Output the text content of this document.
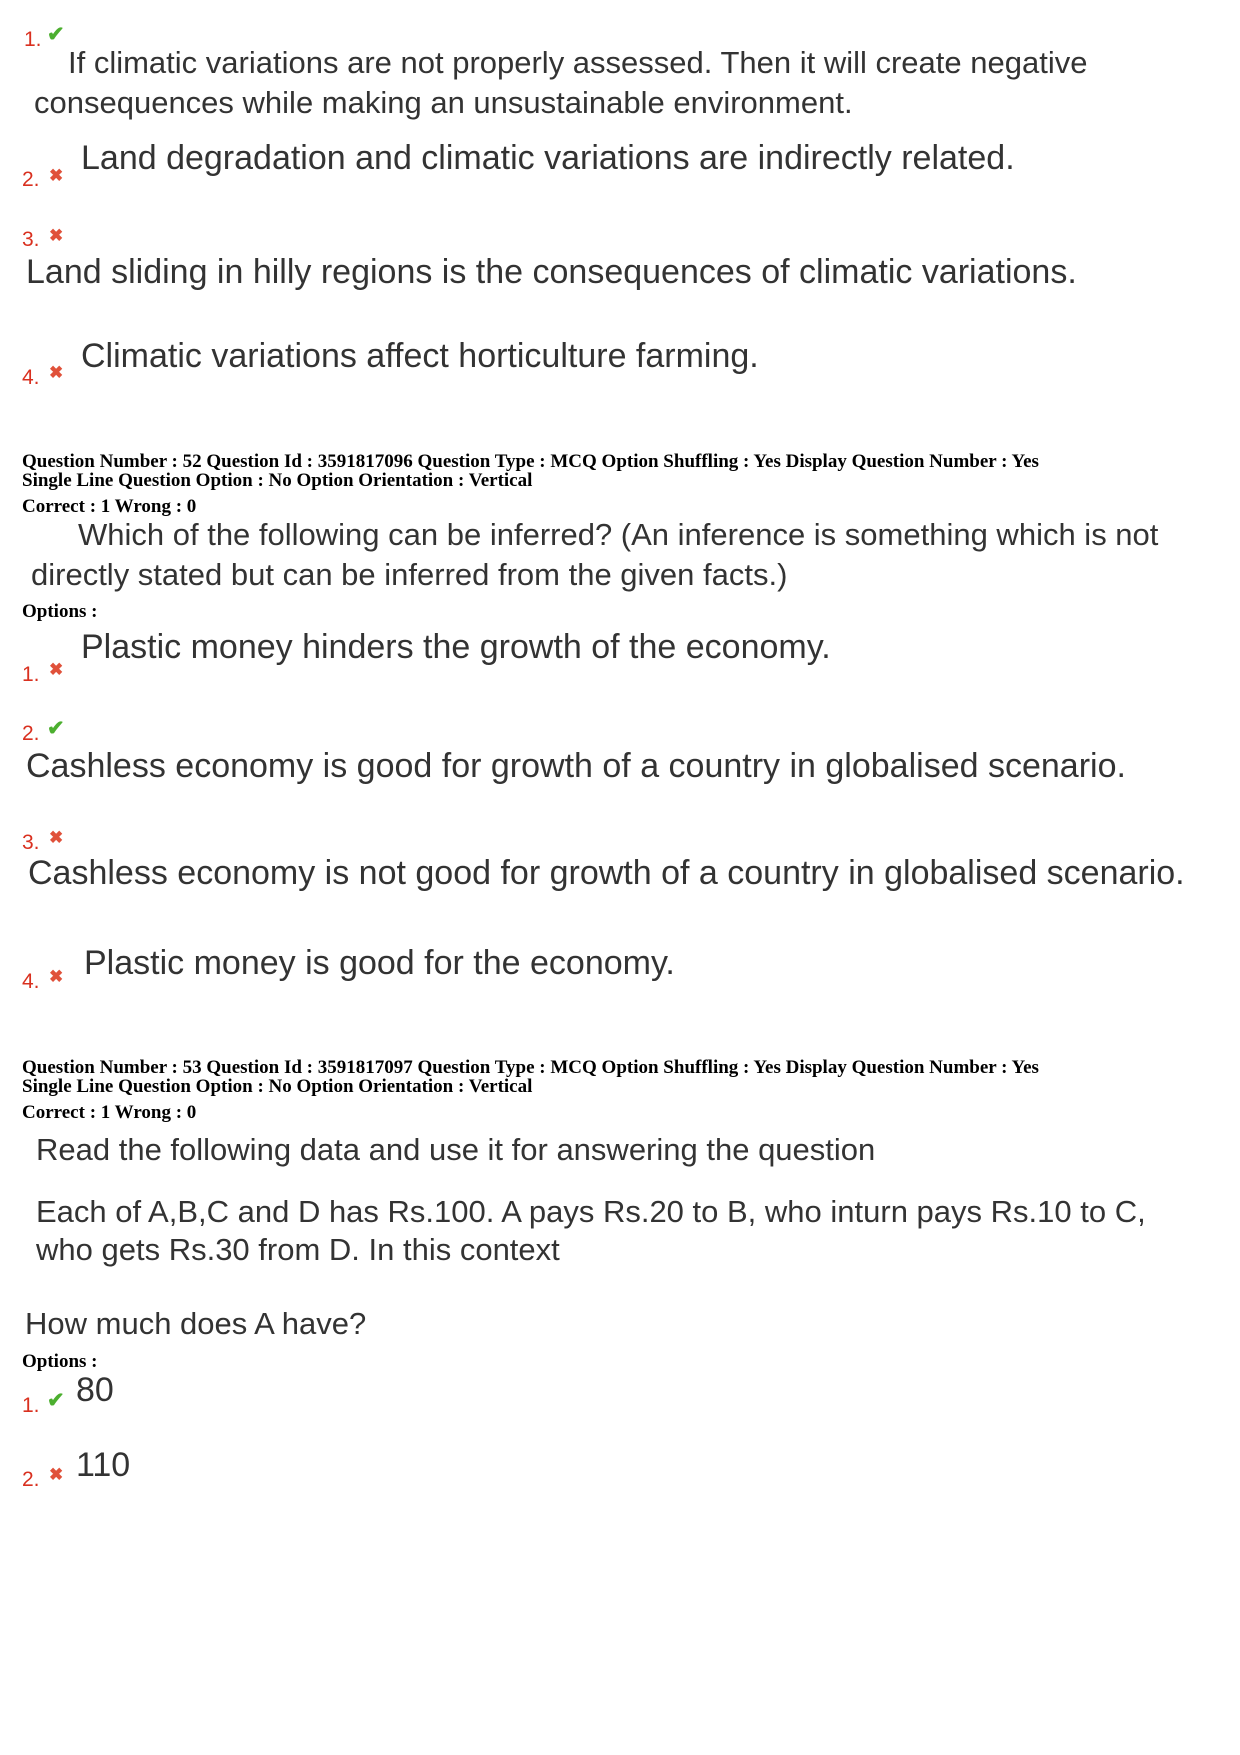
1. ✔
If climatic variations are not properly assessed. Then it will create negative
consequences while making an unsustainable environment.
2. ✖ Land degradation and climatic variations are indirectly related.
3. ✖
Land sliding in hilly regions is the consequences of climatic variations.
4. ✖ Climatic variations affect horticulture farming.
Question Number : 52 Question Id : 3591817096 Question Type : MCQ Option Shuffling : Yes Display Question Number : Yes
Single Line Question Option : No Option Orientation : Vertical
Correct : 1 Wrong : 0
Which of the following can be inferred? (An inference is something which is not
directly stated but can be inferred from the given facts.)
Options :
1. ✖
Plastic money hinders the growth of the economy.
2. ✔
Cashless economy is good for growth of a country in globalised scenario.
3. ✖
Cashless economy is not good for growth of a country in globalised scenario.
4. ✖ Plastic money is good for the economy.
Question Number : 53 Question Id : 3591817097 Question Type : MCQ Option Shuffling : Yes Display Question Number : Yes
Single Line Question Option : No Option Orientation : Vertical
Correct : 1 Wrong : 0
Read the following data and use it for answering the question
Each of A,B,C and D has Rs.100. A pays Rs.20 to B, who inturn pays Rs.10 to C,
who gets Rs.30 from D. In this context
How much does A have?
Options :
1. ✔ 80
2. ✖ 110
